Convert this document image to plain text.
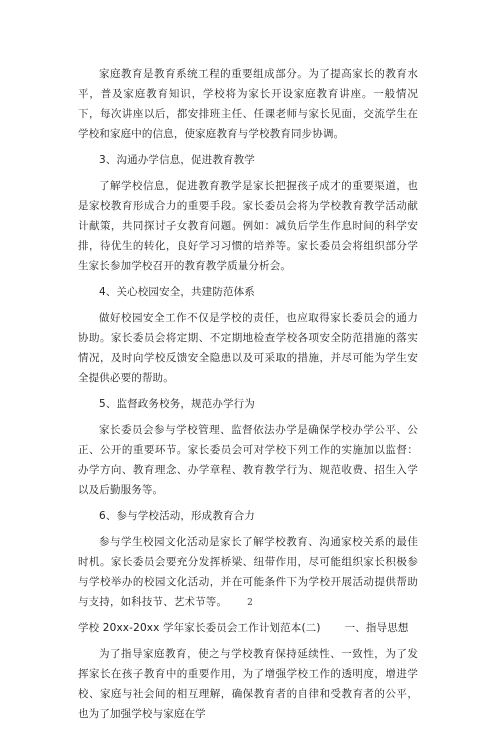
家庭教育是教育系统工程的重要组成部分。为了提高家长的教育水平，普及家庭教育知识，学校将为家长开设家庭教育讲座。一般情况下，每次讲座以后，都安排班主任、任课老师与家长见面，交流学生在学校和家庭中的信息，使家庭教育与学校教育同步协调。

3、沟通办学信息，促进教育教学

了解学校信息，促进教育教学是家长把握孩子成才的重要渠道，也是家校教育形成合力的重要手段。家长委员会将为学校教育教学活动献计献策，共同探讨子女教育问题。例如：减负后学生作息时间的科学安排，待优生的转化，良好学习习惯的培养等。家长委员会将组织部分学生家长参加学校召开的教育教学质量分析会。

4、关心校园安全，共建防范体系

做好校园安全工作不仅是学校的责任，也应取得家长委员会的通力协助。家长委员会将定期、不定期地检查学校各项安全防范措施的落实情况，及时向学校反馈安全隐患以及可采取的措施，并尽可能为学生安全提供必要的帮助。

5、监督政务校务，规范办学行为

家长委员会参与学校管理、监督依法办学是确保学校办学公平、公正、公开的重要环节。家长委员会可对学校下列工作的实施加以监督：办学方向、教育理念、办学章程、教育教学行为、规范收费、招生入学以及后勤服务等。

6、参与学校活动，形成教育合力

参与学生校园文化活动是家长了解学校教育、沟通家校关系的最佳时机。家长委员会要充分发挥桥梁、纽带作用，尽可能组织家长积极参与学校举办的校园文化活动，并在可能条件下为学校开展活动提供帮助与支持，如科技节、艺术节等。

学校 20xx-20xx 学年家长委员会工作计划范本(二) 一、指导思想

为了指导家庭教育，使之与学校教育保持延续性、一致性，为了发挥家长在孩子教育中的重要作用，为了增强学校工作的透明度，增进学校、家庭与社会间的相互理解，确保教育者的自律和受教育者的公平，也为了加强学校与家庭在学

2
